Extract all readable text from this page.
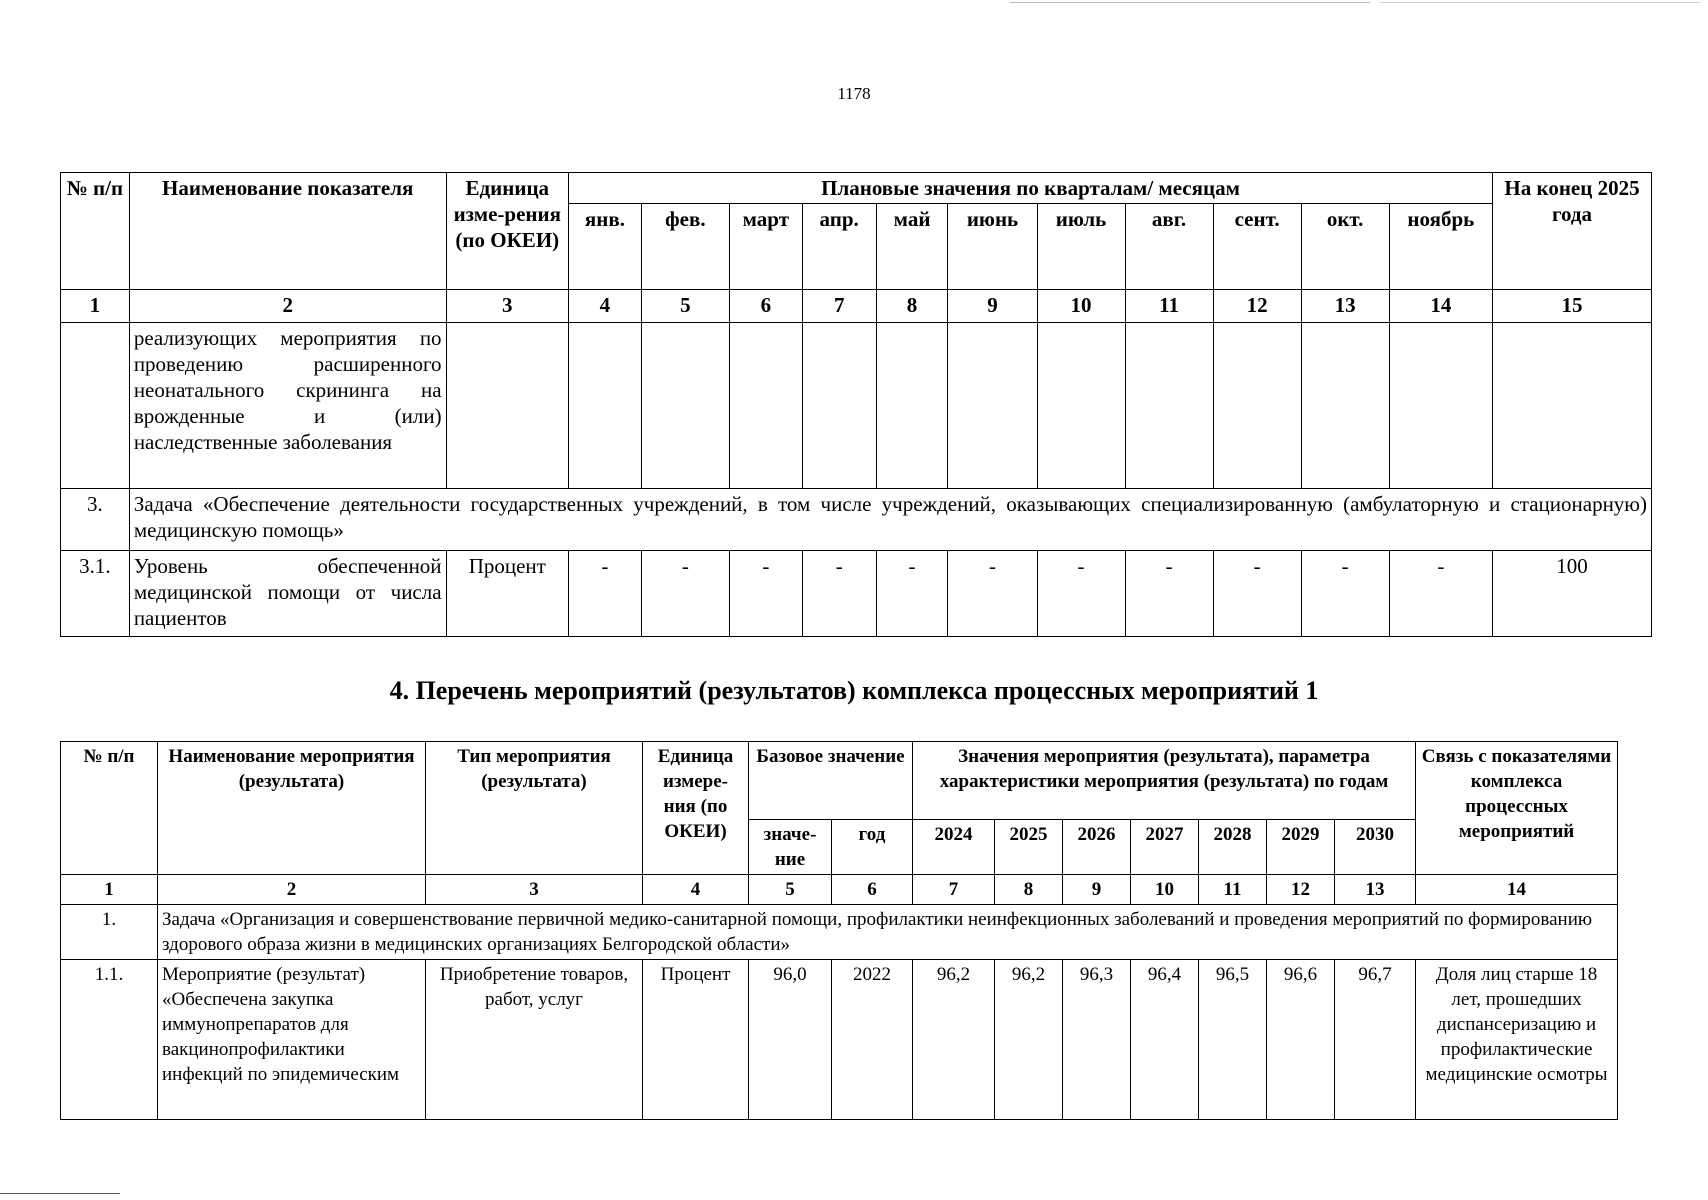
1178
№ п/п	Наименование показателя	Единица изме-рения (по ОКЕИ)	Плановые значения по кварталам/ месяцам											На конец 2025 года
			янв.	фев.	март	апр.	май	июнь	июль	авг.	сент.	окт.	ноябрь	
1	2	3	4	5	6	7	8	9	10	11	12	13	14	15
	реализующих мероприятия по проведению расширенного неонатального скрининга на врожденные и (или) наследственные заболевания													
3.	Задача «Обеспечение деятельности государственных учреждений, в том числе учреждений, оказывающих специализированную (амбулаторную и стационарную) медицинскую помощь»													
3.1.	Уровень обеспеченной медицинской помощи от числа пациентов	Процент	-	-	-	-	-	-	-	-	-	-	-	100
4. Перечень мероприятий (результатов) комплекса процессных мероприятий 1
№ п/п	Наименование мероприятия (результата)	Тип мероприятия (результата)	Единица измере-ния (по ОКЕИ)	Базовое значение		Значения мероприятия (результата), параметра характеристики мероприятия (результата) по годам							Связь с показателями комплекса процессных мероприятий
				значе-ние	год	2024	2025	2026	2027	2028	2029	2030	
1	2	3	4	5	6	7	8	9	10	11	12	13	14
1.	Задача «Организация и совершенствование первичной медико-санитарной помощи, профилактики неинфекционных заболеваний и проведения мероприятий по формированию здорового образа жизни в медицинских организациях Белгородской области»												
1.1.	Мероприятие (результат) «Обеспечена закупка иммунопрепаратов для вакцинопрофилактики инфекций по эпидемическим	Приобретение товаров, работ, услуг	Процент	96,0	2022	96,2	96,2	96,3	96,4	96,5	96,6	96,7	Доля лиц старше 18 лет, прошедших диспансеризацию и профилактические медицинские осмотры
